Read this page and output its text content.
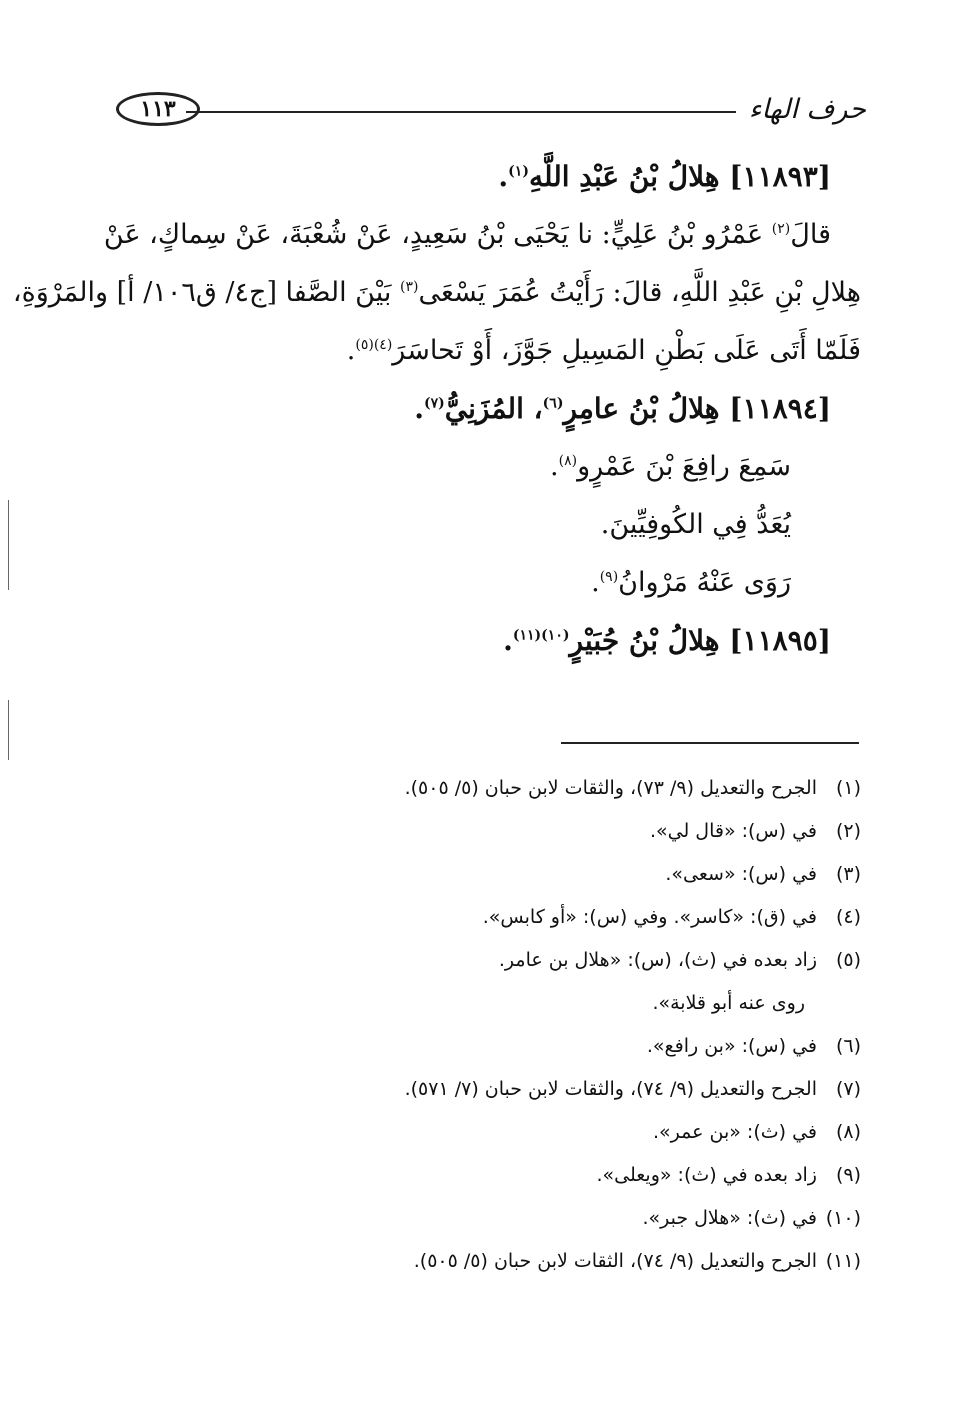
حرف الهاء
١١٣
[١١٨٩٣] هِلالُ بْنُ عَبْدِ اللَّهِ$^{(١)}$.
قالَ$^{(٢)}$ عَمْرُو بْنُ عَلِيٍّ: نا يَحْيَى بْنُ سَعِيدٍ، عَنْ شُعْبَةَ، عَنْ سِماكٍ، عَنْ
هِلالِ بْنِ عَبْدِ اللَّهِ، قالَ: رَأَيْتُ عُمَرَ يَسْعَى$^{(٣)}$ بَيْنَ الصَّفا [ج٤/ ق١٠٦/ أ] والمَرْوَةِ،
فَلَمّا أَتَى عَلَى بَطْنِ المَسِيلِ جَوَّزَ، أَوْ تَحاسَرَ$^{(٤)(٥)}$.
[١١٨٩٤] هِلالُ بْنُ عامِرٍ$^{(٦)}$، المُزَنِيُّ$^{(٧)}$.
سَمِعَ رافِعَ بْنَ عَمْرٍو$^{(٨)}$.
يُعَدُّ فِي الكُوفِيِّينَ.
رَوَى عَنْهُ مَرْوانُ$^{(٩)}$.
[١١٨٩٥] هِلالُ بْنُ جُبَيْرٍ$^{(١٠)(١١)}$.
(١)الجرح والتعديل (٩/ ٧٣)، والثقات لابن حبان (٥/ ٥٠٥).
(٢)في (س): «قال لي».
(٣)في (س): «سعى».
(٤)في (ق): «كاسر». وفي (س): «أو كابس».
(٥)زاد بعده في (ث)، (س): «هلال بن عامر.
روى عنه أبو قلابة».
(٦)في (س): «بن رافع».
(٧)الجرح والتعديل (٩/ ٧٤)، والثقات لابن حبان (٧/ ٥٧١).
(٨)في (ث): «بن عمر».
(٩)زاد بعده في (ث): «ويعلى».
(١٠)في (ث): «هلال جبر».
(١١)الجرح والتعديل (٩/ ٧٤)، الثقات لابن حبان (٥/ ٥٠٥).
